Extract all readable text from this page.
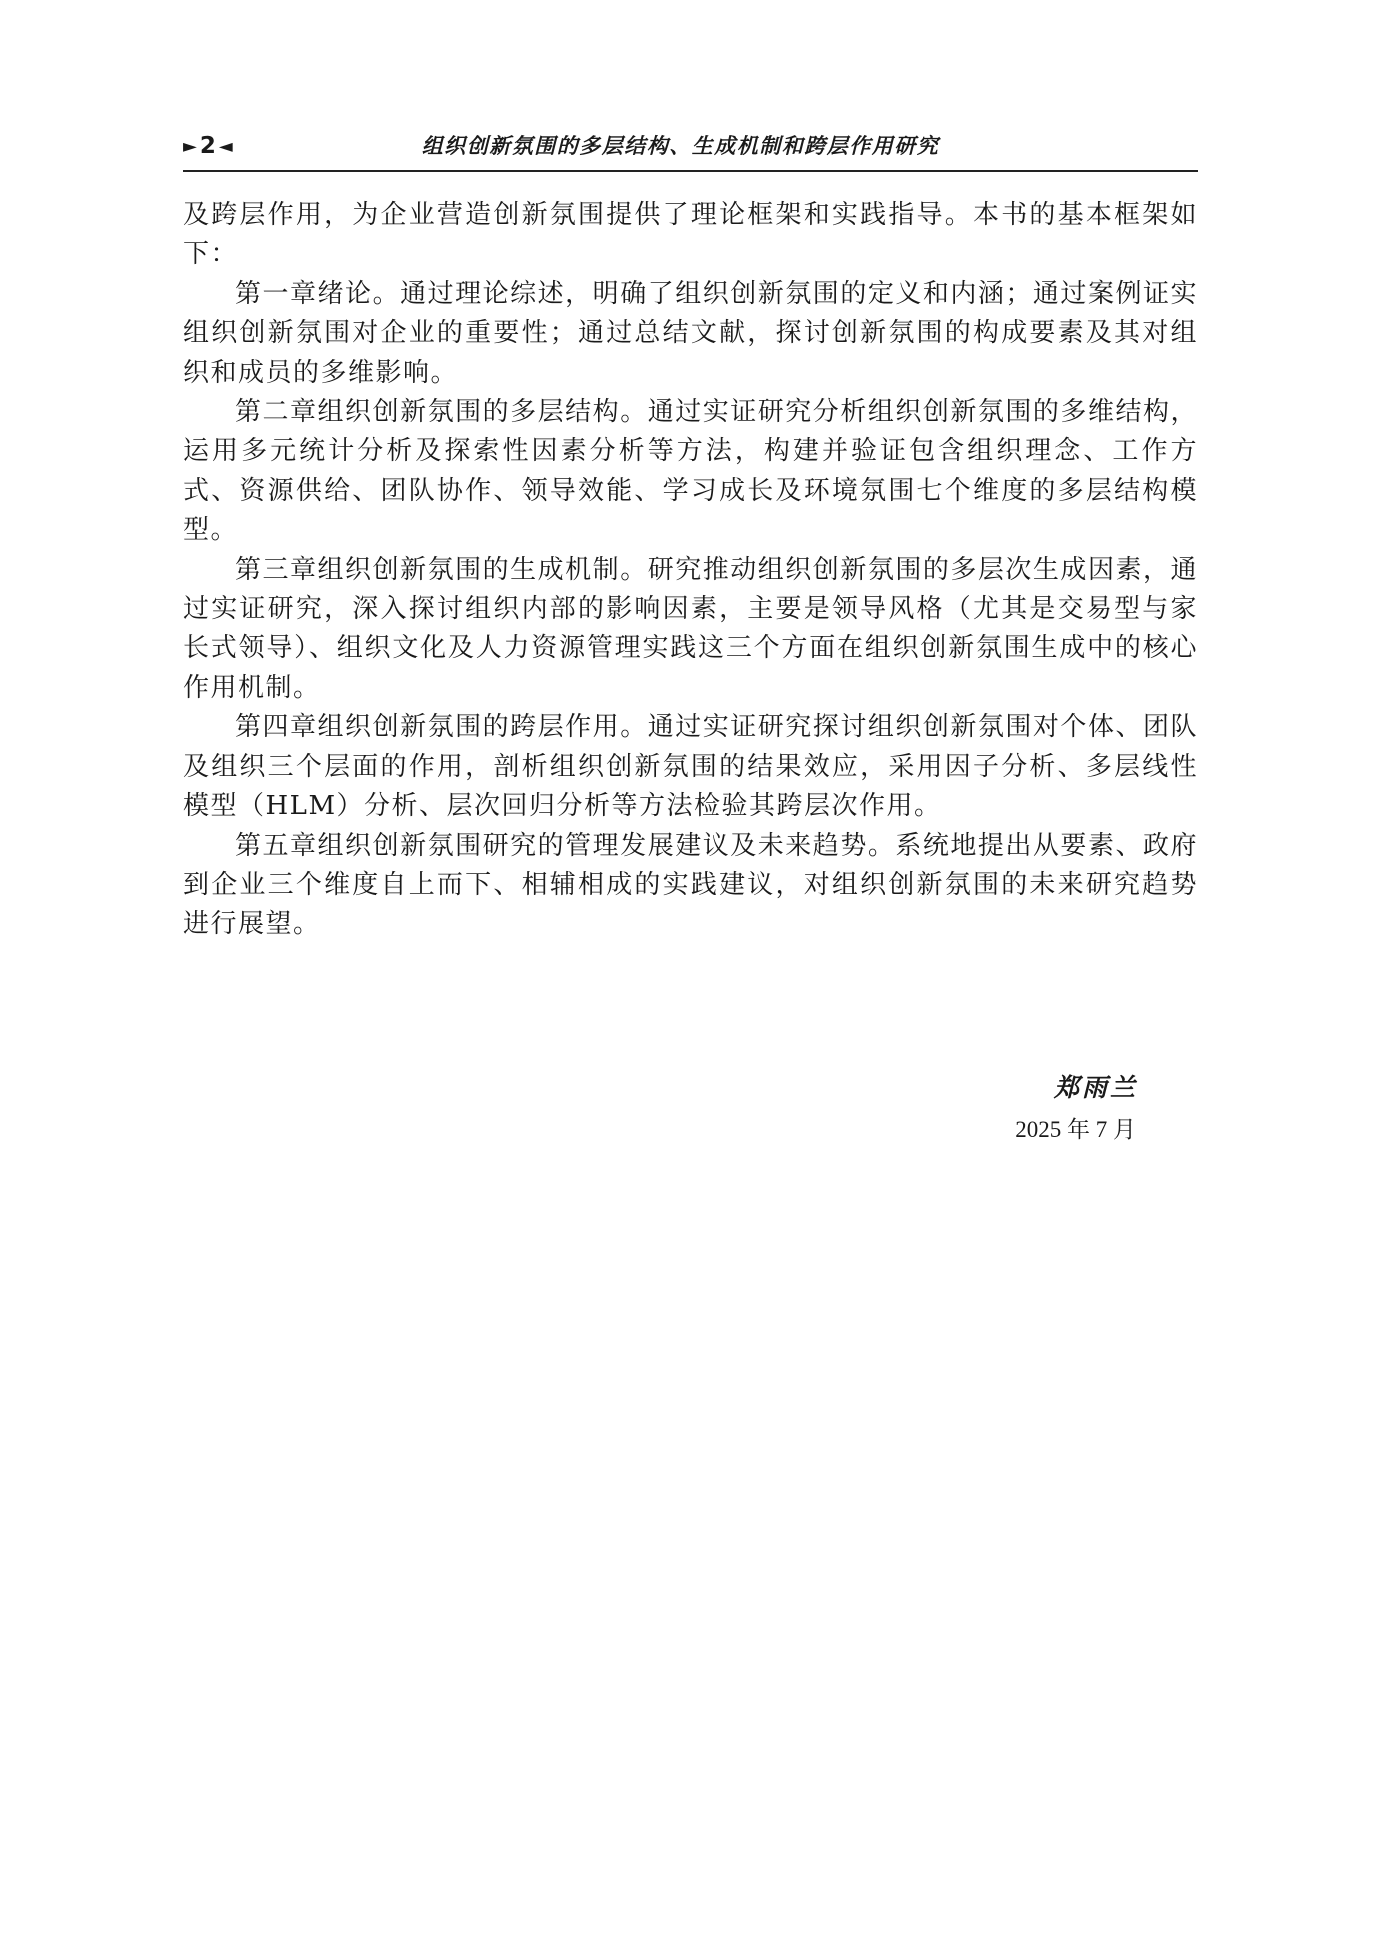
► 2 ◄	组织创新氛围的多层结构、生成机制和跨层作用研究

及跨层作用，为企业营造创新氛围提供了理论框架和实践指导。本书的基本框架如下：

第一章绪论。通过理论综述，明确了组织创新氛围的定义和内涵；通过案例证实组织创新氛围对企业的重要性；通过总结文献，探讨创新氛围的构成要素及其对组织和成员的多维影响。

第二章组织创新氛围的多层结构。通过实证研究分析组织创新氛围的多维结构，运用多元统计分析及探索性因素分析等方法，构建并验证包含组织理念、工作方式、资源供给、团队协作、领导效能、学习成长及环境氛围七个维度的多层结构模型。

第三章组织创新氛围的生成机制。研究推动组织创新氛围的多层次生成因素，通过实证研究，深入探讨组织内部的影响因素，主要是领导风格（尤其是交易型与家长式领导）、组织文化及人力资源管理实践这三个方面在组织创新氛围生成中的核心作用机制。

第四章组织创新氛围的跨层作用。通过实证研究探讨组织创新氛围对个体、团队及组织三个层面的作用，剖析组织创新氛围的结果效应，采用因子分析、多层线性模型（HLM）分析、层次回归分析等方法检验其跨层次作用。

第五章组织创新氛围研究的管理发展建议及未来趋势。系统地提出从要素、政府到企业三个维度自上而下、相辅相成的实践建议，对组织创新氛围的未来研究趋势进行展望。

郑雨兰
2025 年 7 月
